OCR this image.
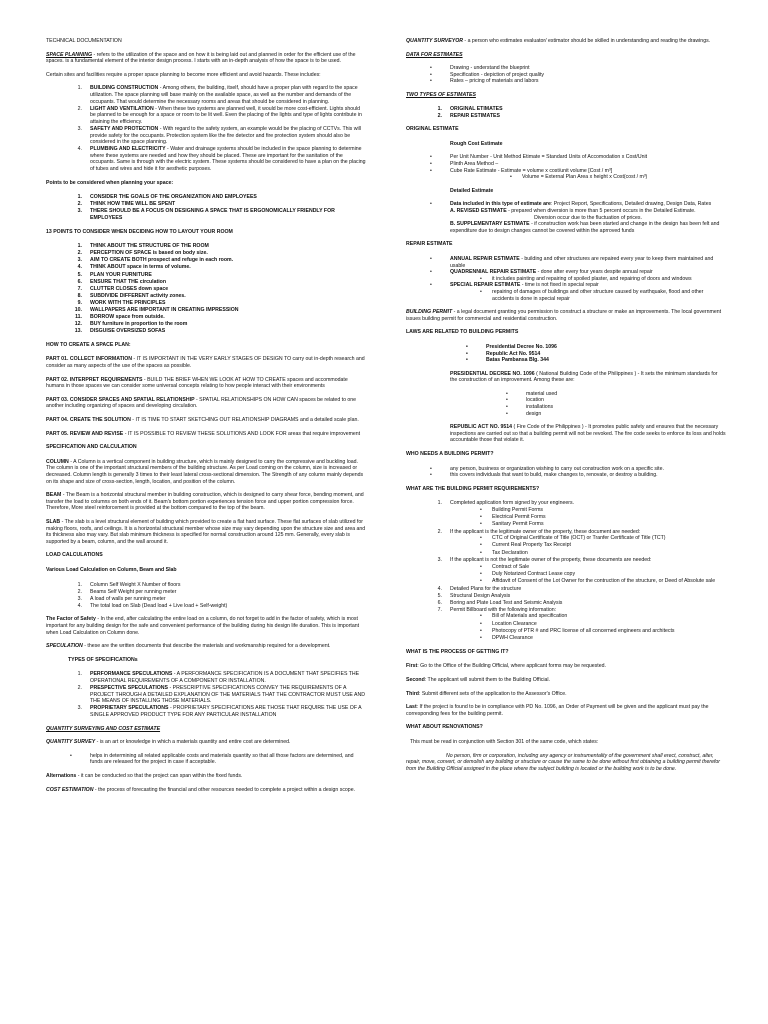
TECHNICAL DOCUMENTATION

SPACE PLANNING - refers to the utilization of the space and on how it is being laid out and planned in order for the efficient use of the spaces. is a fundamental element of the interior design process. I starts with an in-depth analysis of how the space is to be used.

Certain sites and facilities require a proper space planning to become more efficient and avoid hazards. These includes:

1.	BUILDING CONSTRUCTION - Among others, the building, itself, should have a proper plan with regard to the space utilization. The space planning will base mainly on the available space, as well as the number and demands of the occupants. That would determine the necessary rooms and areas that should be considered in planning.
2.	LIGHT AND VENTILATION - When these two systems are planned well, it would be more cost-efficient. Lights should be planned to be enough for a space or room to be lit well. Even the placing of the lights and type of lights contribute in attaining the efficiency.
3.	SAFETY AND PROTECTION - With regard to the safety system, an example would be the placing of CCTVs. This will provide safety for the occupants. Protection system like the fire detector and fire protection system should also be considered in the space planning.
4.	PLUMBING AND ELECTRICITY - Water and drainage systems should be included in the space planning to determine where these systems are needed and how they should be placed. These are important for the sanitation of the occupants. Same is through with the electric system. These systems should be considered to have a plan on the placing of tubes and wires and hide it for aesthetic purposes.

Points to be considered when planning your space:

1.	CONSIDER THE GOALS OF THE ORGANIZATION AND EMPLOYEES
2.	THINK HOW TIME WILL BE SPENT
3.	THERE SHOULD BE A FOCUS ON DESIGNING A SPACE THAT IS ERGONOMICALLY FRIENDLY FOR EMPLOYEES

13 POINTS TO CONSIDER WHEN DECIDING HOW TO LAYOUT YOUR ROOM

1.	THINK ABOUT THE STRUCTURE OF THE ROOM
2.	PERCEPTION OF SPACE is based on body size.
3.	AIM TO CREATE BOTH prospect and refuge in each room.
4.	THINK ABOUT space in terms of volume.
5.	PLAN YOUR FURNITURE
6.	ENSURE THAT THE circulation
7.	CLUTTER CLOSES down space
8.	SUBDIVIDE DIFFERENT activity zones.
9.	WORK WITH THE PRINCIPLES
10.	WALLPAPERS ARE IMPORTANT IN CREATING IMPRESSION
11.	BORROW space from outside.
12.	BUY furniture in proportion to the room
13.	DISGUISE OVERSIZED SOFAS

HOW TO CREATE A SPACE PLAN:

PART 01. COLLECT INFORMATION - IT IS IMPORTANT IN THE VERY EARLY STAGES OF DESIGN TO carry out in-depth research and consider as many aspects of the use of the spaces as possible.

PART 02. INTERPRET REQUIREMENTS - BUILD THE BRIEF WHEN WE LOOK AT HOW TO CREATE spaces and accommodate humans in those spaces we can consider some universal concepts relating to how people interact with their environments

PART 03. CONSIDER SPACES AND SPATIAL RELATIONSHIP - SPATIAL RELATIONSHIPS ON HOW CAN spaces be related to one another including organizing of spaces and developing circulation.

PART 04. CREATE THE SOLUTION - IT IS TIME TO START SKETCHING OUT RELATIONSHIP DIAGRAMS and a detailed scale plan.

PART 05. REVIEW AND REVISE - IT IS POSSIBLE TO REVIEW THESE SOLUTIONS AND LOOK FOR areas that require improvement

SPECIFICATION AND CALCULATION

COLUMN - A Column is a vertical component in building structure, which is mainly designed to carry the compressive and buckling load. The column is one of the important structural members of the building structure. As per Load coming on the column, size is increased or decreased. Column length is generally 3 times to their least lateral cross-sectional dimension. The Strength of any column mainly depends on its shape and size of cross-section, length, location, and position of the column.

BEAM - The Beam is a horizontal structural member in building construction, which is designed to carry shear force, bending moment, and transfer the load to columns on both ends of it. Beam's bottom portion experiences tension force and upper portion compression force. Therefore, More steel reinforcement is provided at the bottom compared to the top of the beam.

SLAB - The slab is a level structural element of building which provided to create a flat hard surface. These flat surfaces of slab utilized for making floors, roofs, and ceilings. It is a horizontal structural member whose size may vary depending upon the structure size and area and its thickness also may vary. But slab minimum thickness is specified for normal construction around 125 mm. Generally, every slab is supported by a beam, column, and the wall around it.

LOAD CALCULATIONS

Various Load Calculation on Column, Beam and Slab

1.	Column Self Weight X Number of floors
2.	Beams Self Weight per running meter
3.	A load of walls per running meter
4.	The total load on Slab (Dead load + Live load + Self-weight)

The Factor of Safety - In the end, after calculating the entire load on a column, do not forget to add in the factor of safety, which is most important for any building design for the safe and convenient performance of the building during his design life duration. This is important when Load Calculation on Column done.

SPECULATION - these are the written documents that describe the materials and workmanship required for a development.

TYPES OF SPECIFICATIONs

1.	PERFORMANCE SPECULATIONS - A PERFORMANCE SPECIFICATION IS A DOCUMENT THAT SPECIFIES THE OPERATIONAL REQUIREMENTS OF A COMPONENT OR INSTALLATION.
2.	PRESPECTIVE SPECULATIONS - PRESCRIPTIVE SPECIFICATIONS CONVEY THE REQUIREMENTS OF A PROJECT THROUGH A DETAILED EXPLANATION OF THE MATERIALS THAT THE CONTRACTOR MUST USE AND THE MEANS OF INSTALLING THOSE MATERIALS.
3.	PROPRIETARY SPECULATIONS - PROPRIETARY SPECIFICATIONS ARE THOSE THAT REQUIRE THE USE OF A SINGLE APPROVED PRODUCT TYPE FOR ANY PARTICULAR INSTALLATION

QUANTITY SURVEYING AND COST ESTIMATE

QUANTITY SURVEY - is an art or knowledge in which a materials quantity and entire cost are determined.

• helps in determining all related applicable costs and materials quantity so that all those factors are determined, and funds are released for the project in case if acceptable.

Alternations - it can be conducted so that the project can span within the fixed funds.

COST ESTIMATION - the process of forecasting the financial and other resources needed to complete a project within a design scope.

QUANTITY SURVEYOR - a person who estimates evaluator/ estimator should be skilled in understanding and reading the drawings.

DATA FOR ESTIMATES

• Drawing - understand the blueprint
• Specification - depiction of project quality
• Rates – pricing of materials and labors

TWO TYPES OF ESTIMATES

1.	ORIGINAL ETIMATES
2.	REPAIR ESTIMATES

ORIGINAL ESTIMATE

Rough Cost Estimate

• Per Unit Number - Unit Method Etimate = Standard Units of Accomodation x Cost/Unit
• Plinth Area Method –
• Cube Rate Estimate - Estimate = volume x cost/unit volume [Cost / m³]
• Volume = External Plan Area x height x Cost(cost / m³)

Detailed Estimate

• Data included in this type of estimate are: Project Report, Specifications, Detailed drawing, Design Data, Rates
A. REVISED ESTIMATE - prepared when diversion is more than 5 percent occurs in the Detailed Estimate.

Diversion occur due to the fluctuation of prices.
B. SUPPLEMENTARY ESTIMATE - if construction work has been started and change in the design has been felt and expenditure due to design changes cannot be covered within the aprroved funds

REPAIR ESTIMATE

• ANNUAL REPAIR ESTIMATE - building and other structures are repaired every year to keep them maintained and usable
• QUADRENNIAL REPAIR ESTIMATE - done after every four years despite annual repair
• it includes painting and repairing of spoiled plaster, and repairing of doors and windows
• SPECIAL REPAIR ESTIMATE - time is not fixed in special repair
• repairing of damages of buildings and other structure caused by earthquake, flood and other accidents is done in special repair

BUILDING PERMIT - a legal document granting you permission to construct a structure or make an improvements. The local government issues building permit for commercial and residential construction.

LAWS ARE RELATED TO BUILDING PERMITS

• Presidential Decree No. 1096
• Republic Act No. 9514
• Batas Pambansa Blg. 344

PRESIDENTIAL DECREE NO. 1096 ( National Building Code of the Philippines ) - It sets the minimum standards for the construction of an improvement. Among these are:

• material used
• location
• installations
• design

REPUBLIC ACT NO. 9514 ( Fire Code of the Philippines ) - It promotes public safety and ensures that the necessary inspections are carried out so that a building permit will not be revoked. The fire code seeks to enforce its loss and holds accountable those that violate it.

WHO NEEDS A BUILDING PERMIT?

• any person, business or organization wishing to carry out construction work on a specific site.
• this covers individuals that want to build, make changes to, renovate, or destroy a building.

WHAT ARE THE BUILDING PERMIT REQUIREMENTS?

1.	Completed application form signed by your engineers.
• Building Permit Forms
• Electrical Permit Forms
• Sanitary Permit Forms
2.	If the applicant is the legitimate owner of the property, these document are needed:
• CTC of Original Certificate of Title (OCT) or Tranfer Certificate of Title (TCT)
• Current Real Property Tax Receipt
• Tax Declaration
3.	If the applicant is not the legitimate owner of the property, these documents are needed:
• Contract of Sale
• Duly Notarized Contract Lease copy
• Affidavit of Consent of the Lot Owner for the contruction of the structure, or Deed of Absolute sale
4.	Detailed Plans for the structure
5.	Structural Design Analysis
6.	Boring and Plate Load Test and Seismic Analysis
7.	Permit Billboard with the following information:
• Bill of Materials and specification
• Location Clearance
• Photocopy of PTR # and PRC license of all concerned engineers and architects
• DPWH Clearance

WHAT IS THE PROCESS OF GETTING IT?

First: Go to the Office of the Building Official, where applicant forms may be requested.

Second: The applicant will submit them to the Building Official.

Third: Submit different sets of the application to the Assessor's Office.

Last: If the project is found to be in compliance with PD No. 1096, an Order of Payment will be given and the applicant must pay the corresponding fees for the building permit.

WHAT ABOUT RENOVATIONS?

This must be read in conjunction with Section 301 of the same code, which states:

No person, firm or corporation, including any agency or instrumentality of the government shall erect, construct, alter, repair, move, convert, or demolish any building or structure or cause the same to be done without first obtaining a building permit therefor from the Building Official assigned in the place where the subject building is located or the building work is to be done.
